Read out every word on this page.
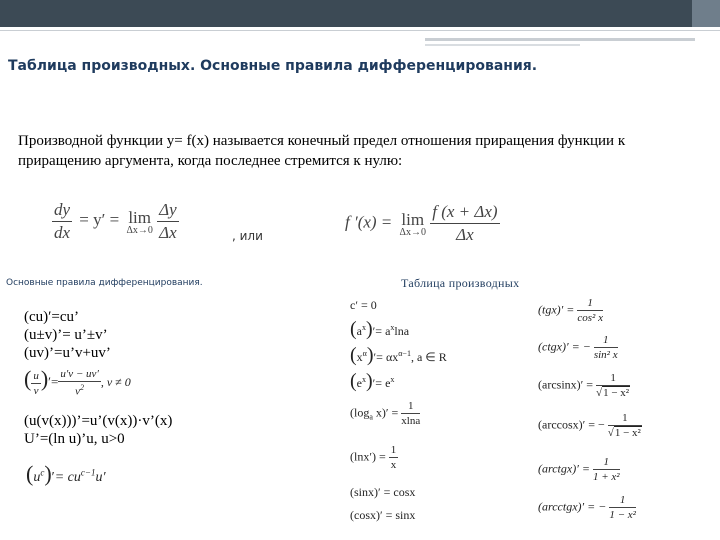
Таблица производных. Основные правила дифференцирования.
Производной функции y= f(x) называется конечный предел отношения приращения функции к приращению аргумента, когда последнее стремится к нулю:
$\frac{dy}{dx} = y' = \lim$
Δx→0
$\frac{\Delta y}{\Delta x}$	, или
f ′(x) = lim
Δx→0
$\frac{f (x + \Delta x)}{\Delta x}$
Основные правила дифференцирования.	Таблица производных
(cu)′=cu’
(u±v)’= u’±v’
(uv)’=u’v+uv’
( $\frac{u}{v}$ )′= $\frac{u'v - uv'}{v^2}$ , v ≠ 0
(u(v(x)))’=u’(v(x))·v’(x)
U’=(ln u)’u, u>0
$(u^c)'= cu^{c-1}u'$
c′ = 0
$(a^x)'= a^x\ln a$
$(x^\alpha)'= \alpha x^{\alpha-1}$, a ∈ R
$(e^x)'= e^x$
($\log_a$ $x)' = \frac{1}{xlna}$
$(\ln x') = \frac{1}{x}$
(sinx)′ = cosx
(cosx)′ = sinx
$(tgx)' = \frac{1}{\text{cos² x}}$
(ctgx)′ = − $\frac{1}{\text{sin² x}}$
$(\arcsin x)' = \frac{1}{\text{√1 − x²}}$
(arccosx)′ = − $\frac{1}{\text{√1 − x²}}$
(arctgx)′ = $\frac{1}{\text{1 + x²}}$
(arcctgx)′ = − $\frac{1}{\text{1 − x²}}$
